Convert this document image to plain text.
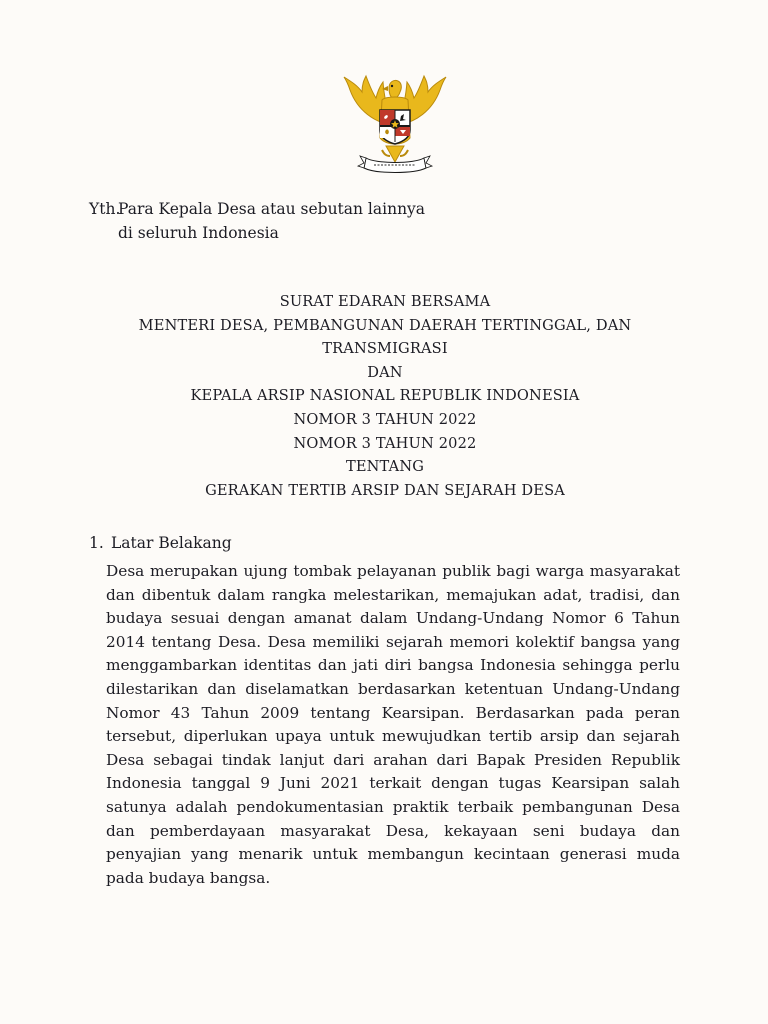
Yth.
Para Kepala Desa atau sebutan lainnya
di seluruh Indonesia
SURAT EDARAN BERSAMA
MENTERI DESA, PEMBANGUNAN DAERAH TERTINGGAL, DAN
TRANSMIGRASI
DAN
KEPALA ARSIP NASIONAL REPUBLIK INDONESIA
NOMOR 3 TAHUN 2022
NOMOR 3 TAHUN 2022
TENTANG
GERAKAN TERTIB ARSIP DAN SEJARAH DESA
1. Latar Belakang
Desa merupakan ujung tombak pelayanan publik bagi warga masyarakat dan dibentuk dalam rangka melestarikan, memajukan adat, tradisi, dan budaya sesuai dengan amanat dalam Undang-Undang Nomor 6 Tahun 2014 tentang Desa. Desa memiliki sejarah memori kolektif bangsa yang menggambarkan identitas dan jati diri bangsa Indonesia sehingga perlu dilestarikan dan diselamatkan berdasarkan ketentuan Undang-Undang Nomor 43 Tahun 2009 tentang Kearsipan. Berdasarkan pada peran tersebut, diperlukan upaya untuk mewujudkan tertib arsip dan sejarah Desa sebagai tindak lanjut dari arahan dari Bapak Presiden Republik Indonesia tanggal 9 Juni 2021 terkait dengan tugas Kearsipan salah satunya adalah pendokumentasian praktik terbaik pembangunan Desa dan pemberdayaan masyarakat Desa, kekayaan seni budaya dan penyajian yang menarik untuk membangun kecintaan generasi muda pada budaya bangsa.
